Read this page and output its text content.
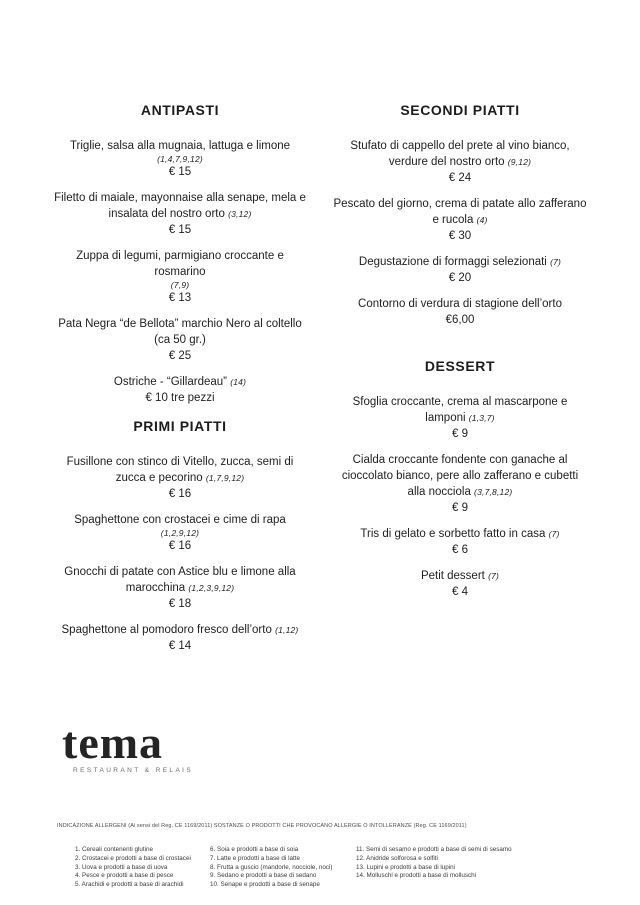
ANTIPASTI
Triglie, salsa alla mugnaia, lattuga e limone
(1,4,7,9,12)
€ 15
Filetto di maiale, mayonnaise alla senape, mela e insalata del nostro orto (3,12)
€ 15
Zuppa di legumi, parmigiano croccante e rosmarino
(7,9)
€ 13
Pata Negra “de Bellota” marchio Nero al coltello (ca 50 gr.)
€ 25
Ostriche - “Gillardeau” (14)
€ 10 tre pezzi
PRIMI PIATTI
Fusillone con stinco di Vitello, zucca, semi di zucca e pecorino (1,7,9,12)
€ 16
Spaghettone con crostacei e cime di rapa
(1,2,9,12)
€ 16
Gnocchi di patate con Astice blu e limone alla marocchina (1,2,3,9,12)
€ 18
Spaghettone al pomodoro fresco dell’orto (1,12)
€ 14
SECONDI PIATTI
Stufato di cappello del prete al vino bianco, verdure del nostro orto (9,12)
€ 24
Pescato del giorno, crema di patate allo zafferano e rucola (4)
€ 30
Degustazione di formaggi selezionati (7)
€ 20
Contorno di verdura di stagione dell’orto
€6,00
DESSERT
Sfoglia croccante, crema al mascarpone e lamponi (1,3,7)
€ 9
Cialda croccante fondente con ganache al cioccolato bianco, pere allo zafferano e cubetti alla nocciola (3,7,8,12)
€ 9
Tris di gelato e sorbetto fatto in casa (7)
€ 6
Petit dessert (7)
€ 4
tema
RESTAURANT & RELAIS
INDICAZIONE ALLERGENI (Ai sensi del Reg. CE 1169/2011) SOSTANZE O PRODOTTI CHE PROVOCANO ALLERGIE O INTOLLERANZE (Reg. CE 1169/2011)
1. Cereali contenenti glutine
2. Crostacei e prodotti a base di crostacei
3. Uova e prodotti a base di uova
4. Pesce e prodotti a base di pesce
5. Arachidi e prodotti a base di arachidi
6. Soia e prodotti a base di soia
7. Latte e prodotti a base di latte
8. Frutta a guscio (mandorle, nocciole, noci)
9. Sedano e prodotti a base di sedano
10. Senape e prodotti a base di senape
11. Semi di sesamo e prodotti a base di semi di sesamo
12. Anidride solforosa e solfiti
13. Lupini e prodotti a base di lupini
14. Molluschi e prodotti a base di molluschi
